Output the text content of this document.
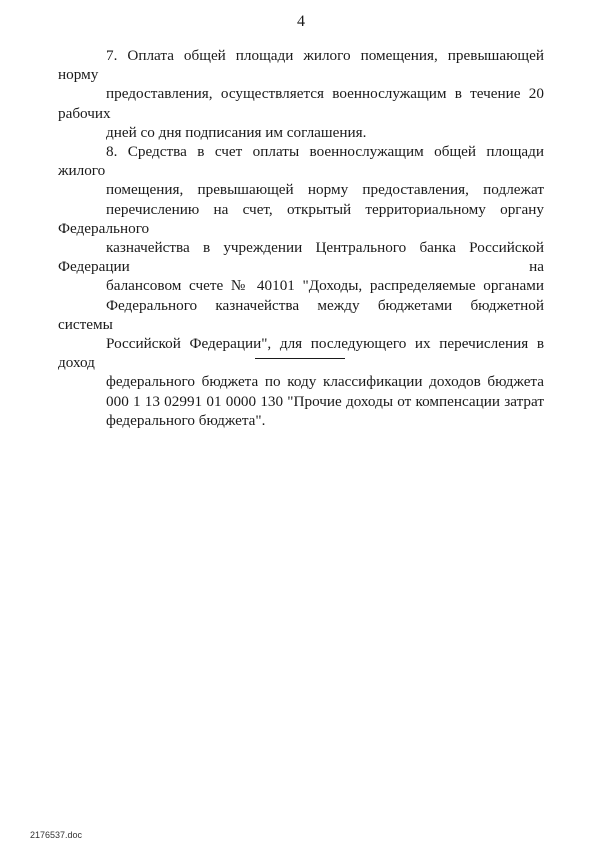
4

7. Оплата общей площади жилого помещения, превышающей норму
предоставления, осуществляется военнослужащим в течение 20 рабочих
дней со дня подписания им соглашения.

8. Средства в счет оплаты военнослужащим общей площади жилого
помещения, превышающей норму предоставления, подлежат
перечислению на счет, открытый территориальному органу Федерального
казначейства в учреждении Центрального банка Российской Федерации на
балансовом счете № 40101 "Доходы, распределяемые органами
Федерального казначейства между бюджетами бюджетной системы
Российской Федерации", для последующего их перечисления в доход
федерального бюджета по коду классификации доходов бюджета
000 1 13 02991 01 0000 130 "Прочие доходы от компенсации затрат
федерального бюджета".

2176537.doc
